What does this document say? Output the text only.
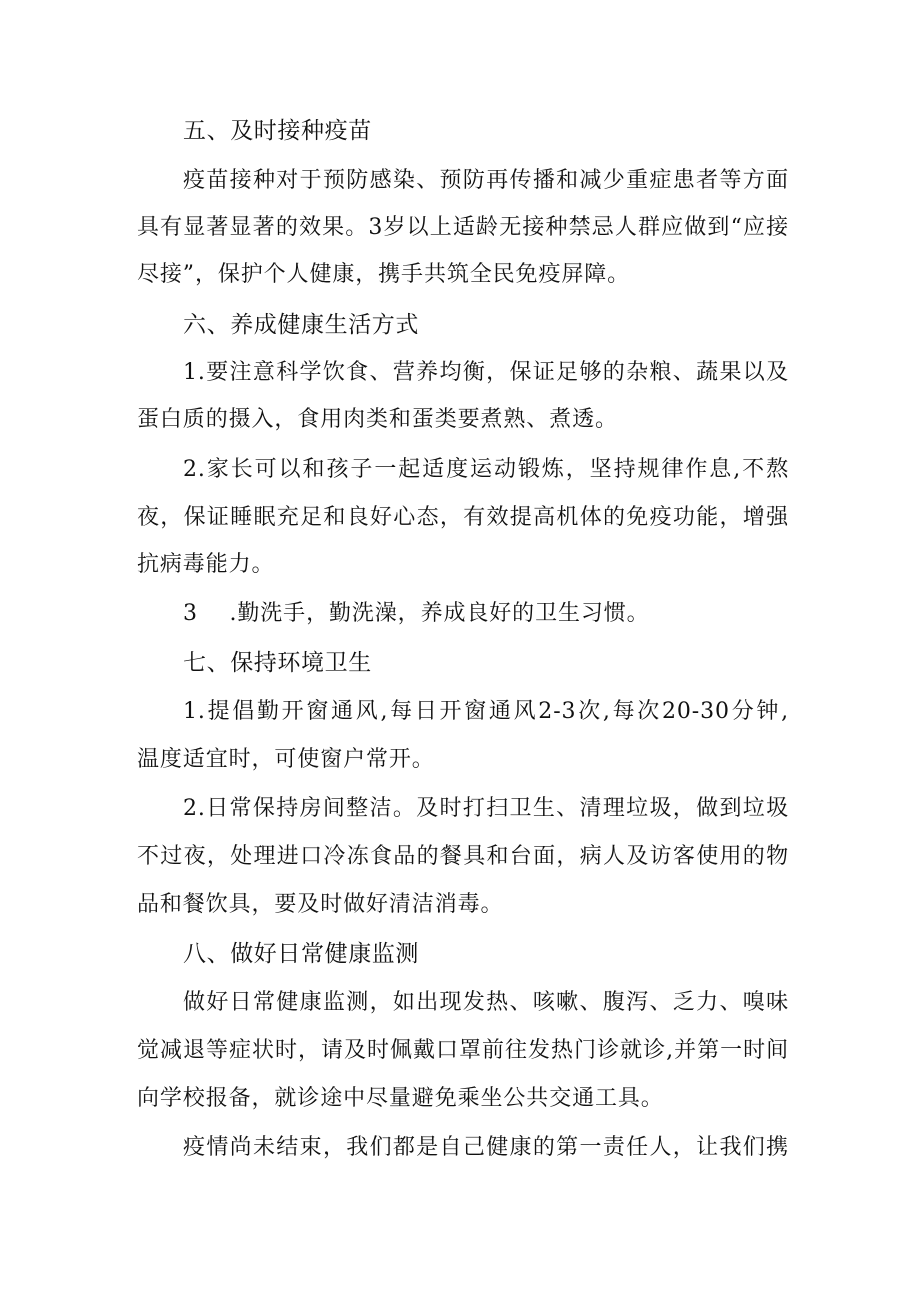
五、及时接种疫苗

疫苗接种对于预防感染、预防再传播和减少重症患者等方面

具有显著显著的效果。3岁以上适龄无接种禁忌人群应做到“应接

尽接”，保护个人健康，携手共筑全民免疫屏障。

六、养成健康生活方式

1.要注意科学饮食、营养均衡，保证足够的杂粮、蔬果以及

蛋白质的摄入，食用肉类和蛋类要煮熟、煮透。

2.家长可以和孩子一起适度运动锻炼，坚持规律作息,不熬

夜，保证睡眠充足和良好心态，有效提高机体的免疫功能，增强

抗病毒能力。

3    .勤洗手，勤洗澡，养成良好的卫生习惯。

七、保持环境卫生

1.提倡勤开窗通风,每日开窗通风2-3次,每次20-30分钟,

温度适宜时，可使窗户常开。

2.日常保持房间整洁。及时打扫卫生、清理垃圾，做到垃圾

不过夜，处理进口冷冻食品的餐具和台面，病人及访客使用的物

品和餐饮具，要及时做好清洁消毒。

八、做好日常健康监测

做好日常健康监测，如出现发热、咳嗽、腹泻、乏力、嗅味

觉减退等症状时，请及时佩戴口罩前往发热门诊就诊,并第一时间

向学校报备，就诊途中尽量避免乘坐公共交通工具。

疫情尚未结束，我们都是自己健康的第一责任人，让我们携
